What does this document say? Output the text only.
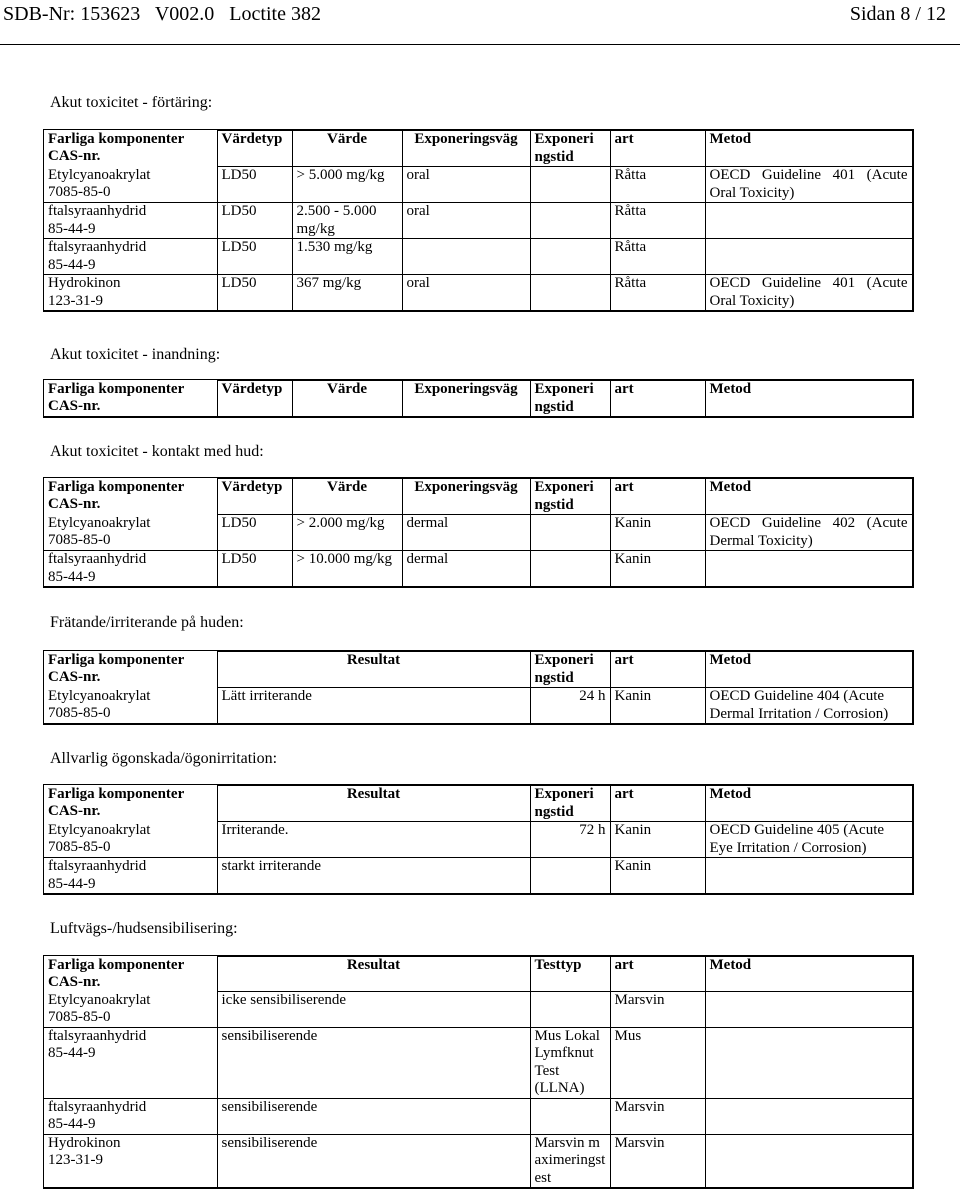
SDB-Nr: 153623   V002.0   Loctite 382	Sidan 8 / 12
Akut toxicitet - förtäring:
Farliga komponenter
CAS-nr.	Värdetyp	Värde	Exponeringsväg	Exponeri
ngstid	art	Metod
Etylcyanoakrylat
7085-85-0	LD50	> 5.000 mg/kg	oral		Råtta	OECD Guideline 401 (Acute Oral Toxicity)
ftalsyraanhydrid
85-44-9	LD50	2.500 - 5.000 mg/kg	oral		Råtta	
ftalsyraanhydrid
85-44-9	LD50	1.530 mg/kg			Råtta	
Hydrokinon
123-31-9	LD50	367 mg/kg	oral		Råtta	OECD Guideline 401 (Acute Oral Toxicity)
Akut toxicitet - inandning:
Farliga komponenter
CAS-nr.	Värdetyp	Värde	Exponeringsväg	Exponeri
ngstid	art	Metod
Akut toxicitet - kontakt med hud:
Farliga komponenter
CAS-nr.	Värdetyp	Värde	Exponeringsväg	Exponeri
ngstid	art	Metod
Etylcyanoakrylat
7085-85-0	LD50	> 2.000 mg/kg	dermal		Kanin	OECD Guideline 402 (Acute Dermal Toxicity)
ftalsyraanhydrid
85-44-9	LD50	> 10.000 mg/kg	dermal		Kanin	
Frätande/irriterande på huden:
Farliga komponenter
CAS-nr.	Resultat	Exponeri
ngstid	art	Metod
Etylcyanoakrylat
7085-85-0	Lätt irriterande	24 h	Kanin	OECD Guideline 404 (Acute Dermal Irritation / Corrosion)
Allvarlig ögonskada/ögonirritation:
Farliga komponenter
CAS-nr.	Resultat	Exponeri
ngstid	art	Metod
Etylcyanoakrylat
7085-85-0	Irriterande.	72 h	Kanin	OECD Guideline 405 (Acute Eye Irritation / Corrosion)
ftalsyraanhydrid
85-44-9	starkt irriterande		Kanin	
Luftvägs-/hudsensibilisering:
Farliga komponenter
CAS-nr.	Resultat	Testtyp	art	Metod
Etylcyanoakrylat
7085-85-0	icke sensibiliserende		Marsvin	
ftalsyraanhydrid
85-44-9	sensibiliserende	Mus Lokal Lymfknut Test (LLNA)	Mus	
ftalsyraanhydrid
85-44-9	sensibiliserende		Marsvin	
Hydrokinon
123-31-9	sensibiliserende	Marsvin maximeringstest	Marsvin	
